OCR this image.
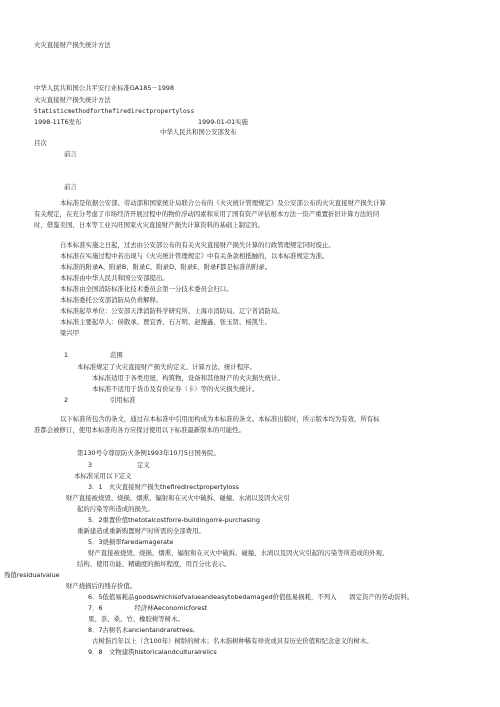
火灾直接财产损失统计方法
中华人民共和国公共平安行业标准GA185－1998
火灾直接财产损失统计方法
Statisticmethodforthefiredirectpropertyloss
1998-11T6发布	1999-01-01实施
中华人民共和国公安部发布
目次
前言
前言
本标准是依据公安部、劳动部和国家统计局联合公布的《火灾统计管理规定》及公安部公布的火灾直接财产损失计算
有关规定，在充分考虑了市场经济开展过程中的物价浮动因素和采用了国有资产评估根本方法一资产重置折旧计算方法的同
时，借鉴美国、日本等工业兴旺国家火灾直接财产损失计算资料的基础上制定的。
自本标准实施之日起，过去由公安部公布的有关火灾直接财产损失计算的行政管理规定同时废止。
本标准在实施过程中若出现与《火灾统计管理规定》中有关条款相抵触的，以本标准规定为准。
本标准的附录A、附录B、附录C、附录D、附录E、附录F都是标准的附录。
本标准由中华人民共和国公安部提出。
本标准由全国消防标准化技术委员会第一分技术委员会归口。
本标准委托公安部消防局负责解释。
本标准起草单位：公安部天津消防科学研究所、上海市消防局、辽宁省消防局。
本标准主要起草人：侯敬承、贾宜香、石万明、赵馥鑫、张玉贤、杨凯生、
梁兴甲
1	范围
本标准规定了火灾直接财产损失的定义、计算方法、统计程序。
本标准适用于各类房屋，构筑物，设备和其他财产的火灾损失统计。
本标准不适用于货币及有价证券（卡）等的火灾损失统计。
2	引用标准
以下标准所包含的条文，通过在本标准中引用而构成为本标准的条文。本标准出版时，所示版本均为有效，所有标
准都会被修订，使用本标准的各方应探讨使用以下标准最新版本的可能性。
第130号令尊原防火条例1993年10月5日国务院。
3	定义
本标准采用以下定义
3．1　火灾直接财产损失thefiredirectpropertyloss
财产直接被烧毁、烧损、烟熏、辐射和在灭火中破拆、碰撞、水渍以及因火灾引
起的污染等所造成的损失。
5．2重置价值thetotalcostforre-buildingorre-purchasing
重新建造或重新购置财产时所需的全部费用。
5．3烧损率faredamagerate
财产直接被烧毁、烧损、烟熏、辐射和在灭火中破拆、碰撞、水渍以及因火灾引起的污染等所造成的外观、
结构、使用功能、精确度的损坏程度，用百分比表示。
残值residualvalue
财产烧损后的残存价值。
6．5低值易耗品goodswhichisofvalueandeasytobedamaged价值低易损耗，不列入　　固定资产的劳动资料。
7．6　　　　　经济林Aeconomicforest
果、茶、桑、竹、橡胶树等树木。
8．7古树名木ancientandraretrees,
古树指百年以上（含100年）树龄的树木；名木指树种稀有珍贵或具有历史价值和纪念意义的树木。
9．8　文物建筑historicalandculturalrelics
